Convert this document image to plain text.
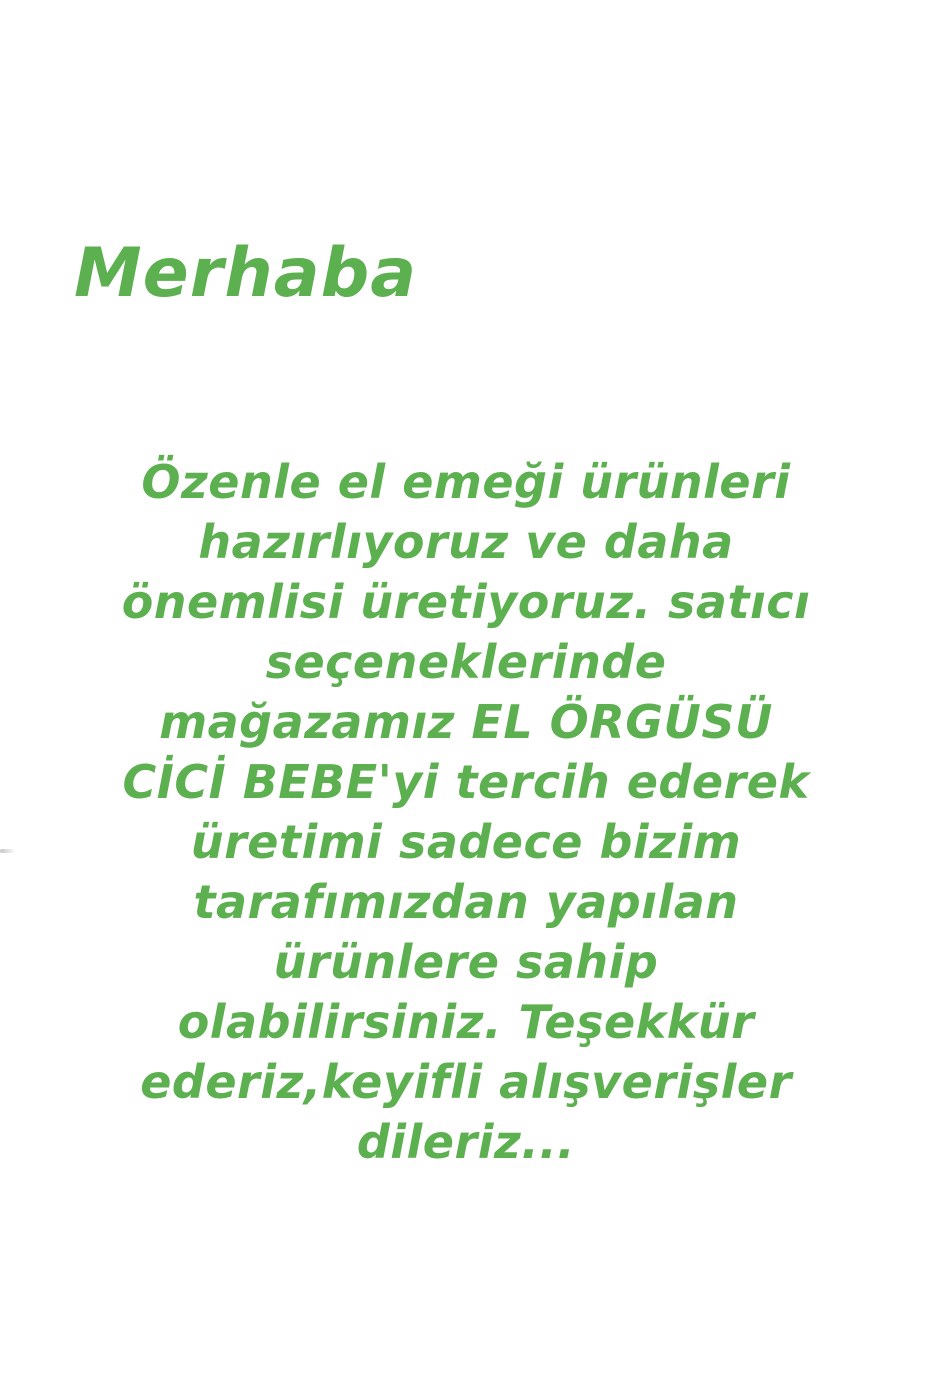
Merhaba
Özenle el emeği ürünleri
hazırlıyoruz ve daha
önemlisi üretiyoruz. satıcı
seçeneklerinde
mağazamız EL ÖRGÜSÜ
CİCİ BEBE'yi tercih ederek
üretimi sadece bizim
tarafımızdan yapılan
ürünlere sahip
olabilirsiniz. Teşekkür
ederiz,keyifli alışverişler
dileriz...
